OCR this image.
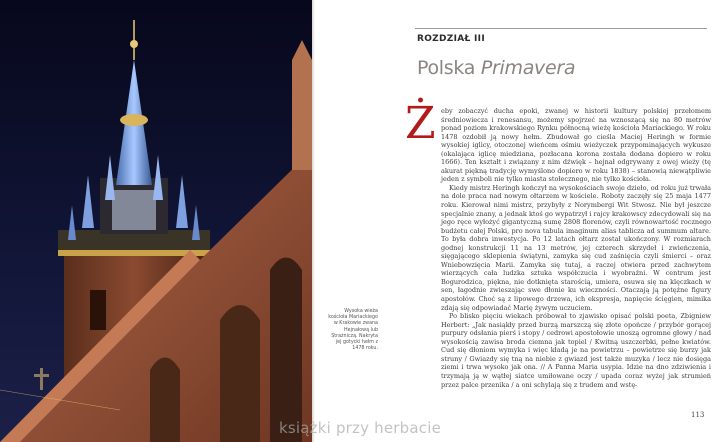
ROZDZIAŁ III
Polska Primavera
Ż eby zobaczyć ducha epoki, zwanej w historii kultury polskiej przełomem średniowiecza i renesansu, możemy spojrzeć na wznoszącą się na 80 metrów ponad poziom krakowskiego Rynku północną wieżę kościoła Mariackiego. W roku 1478 ozdobił ją nowy hełm. Zbudował go cieśla Maciej Heringh w formie wysokiej iglicy, otoczonej wieńcem ośmiu wieżyczek przypominających wykusze (okalająca iglicę miedziana, pozłacana korona została dodana dopiero w roku 1666). Ten kształt i związany z nim dźwięk – hejnał odgrywany z owej wieży (tę akurat piękną tradycję wymyślono dopiero w roku 1838) – stanowią niewątpliwie jeden z symboli nie tylko miasta stołecznego, nie tylko kościoła.

Kiedy mistrz Heringh kończył na wysokościach swoje dzieło, od roku już trwała na dole praca nad nowym ołtarzem w kościele. Roboty zaczęły się 25 maja 1477 roku. Kierował nimi mistrz, przybyły z Norymbergi Wit Stwosz. Nie był jeszcze specjalnie znany, a jednak ktoś go wypatrzył i rajcy krakowscy zdecydowali się na jego ręce wyłożyć gigantyczną sumę 2808 florenów, czyli równowartość rocznego budżetu całej Polski, pro nova tabula imaginum alias tablicza ad summum altare. To była dobra inwestycja. Po 12 latach ołtarz został ukończony. W rozmiarach godnej konstrukcji 11 na 13 metrów, jej czterech skrzydeł i zwieńczenia, sięgającego sklepienia świątyni, zamyka się cud zaśnięcia czyli śmierci – oraz Wniebowzięcia Marii. Zamyka się tutaj, a raczej otwiera przed zachwytem wierzących cała ludzka sztuka współczucia i wyobraźni. W centrum jest Bogurodzica, piękna, nie dotknięta starością, umiera, osuwa się na klęczkach w sen, łagodnie zwieszając swe dłonie ku wieczności. Otaczają ją potężne figury apostołów. Choć są z lipowego drzewa, ich ekspresja, napięcie ścięgien, mimika zdają się odpowiadać Marię żywym uczuciem.

Po blisko pięciu wiekach próbował to zjawisko opisać polski poeta, Zbigniew Herbert: „Jak nasiąkły przed burzą marszczą się złote opończe / przybór gorącej purpury odsłania pierś i stopy / cedrowi apostołowie unoszą ogromne głowy / nad wysokością zawisa broda ciemna jak topiel / Kwitną uszczerbki, pełne kwiatów. Cud się dłoniom wymyka i więc kładą je na powietrzu – powietrze się burzy jak struny / Gwiazdy się tną na niebie z gwiazd jest także muzyka / lecz nie dosięga ziemi i trwa wysoko jak ona. // A Panna Maria usypia. Idzie na dno zdziwienia i trzymają ją w wątłej siatce umiłowane oczy / upada coraz wyżej jak strumień przez palce przenika / a oni schylają się z trudem and wstę-

113
Wysoka wieża kościoła Mariackiego w Krakowie zwana Hejnałową lub Strażniczą. Nakryta jej gotycki hełm z 1478 roku.
książki przy herbacie
